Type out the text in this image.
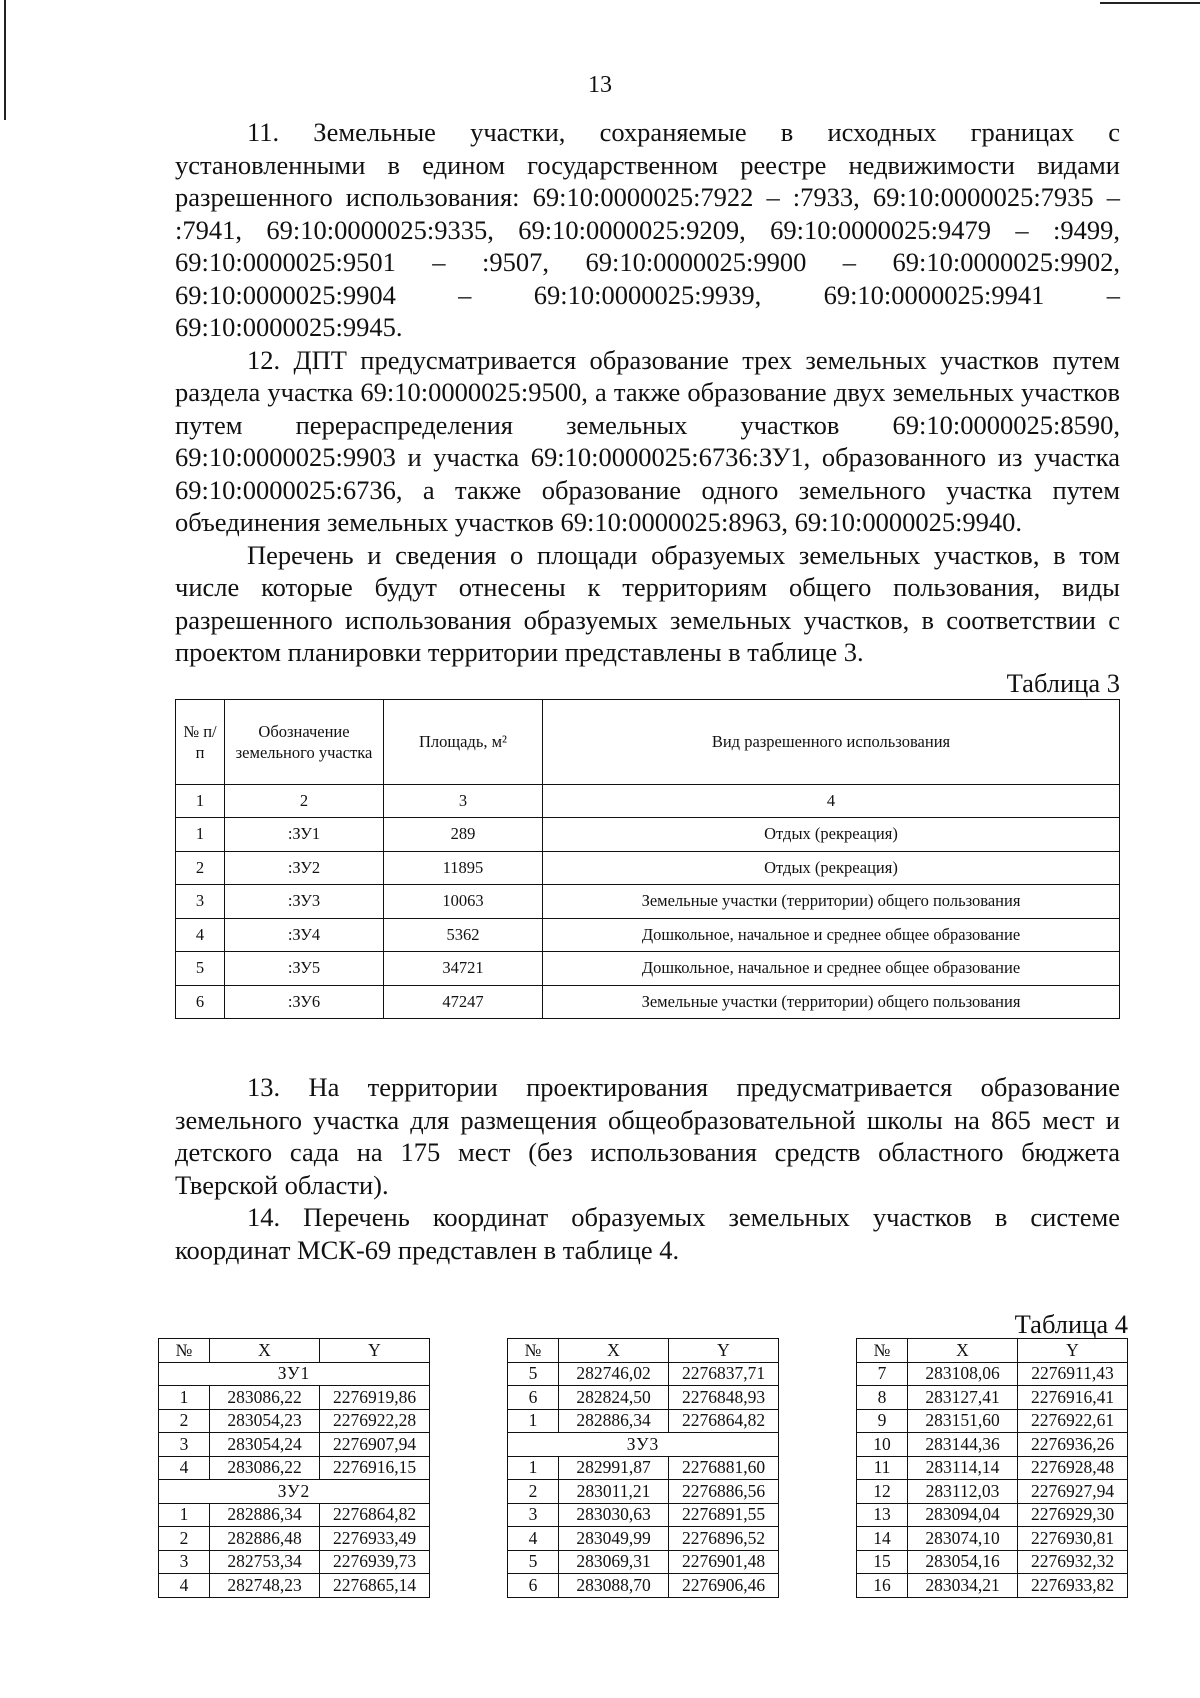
13

11. Земельные участки, сохраняемые в исходных границах с установленными в едином государственном реестре недвижимости видами разрешенного использования: 69:10:0000025:7922 – :7933, 69:10:0000025:7935 – :7941, 69:10:0000025:9335, 69:10:0000025:9209, 69:10:0000025:9479 – :9499, 69:10:0000025:9501 – :9507, 69:10:0000025:9900 – 69:10:0000025:9902, 69:10:0000025:9904 – 69:10:0000025:9939, 69:10:0000025:9941 – 69:10:0000025:9945.

12. ДПТ предусматривается образование трех земельных участков путем раздела участка 69:10:0000025:9500, а также образование двух земельных участков путем перераспределения земельных участков 69:10:0000025:8590, 69:10:0000025:9903 и участка 69:10:0000025:6736:ЗУ1, образованного из участка 69:10:0000025:6736, а также образование одного земельного участка путем объединения земельных участков 69:10:0000025:8963, 69:10:0000025:9940.

Перечень и сведения о площади образуемых земельных участков, в том числе которые будут отнесены к территориям общего пользования, виды разрешенного использования образуемых земельных участков, в соответствии с проектом планировки территории представлены в таблице 3.

Таблица 3
№ п/п	Обозначение земельного участка	Площадь, м²	Вид разрешенного использования
1	2	3	4
1	:ЗУ1	289	Отдых (рекреация)
2	:ЗУ2	11895	Отдых (рекреация)
3	:ЗУ3	10063	Земельные участки (территории) общего пользования
4	:ЗУ4	5362	Дошкольное, начальное и среднее общее образование
5	:ЗУ5	34721	Дошкольное, начальное и среднее общее образование
6	:ЗУ6	47247	Земельные участки (территории) общего пользования

13. На территории проектирования предусматривается образование земельного участка для размещения общеобразовательной школы на 865 мест и детского сада на 175 мест (без использования средств областного бюджета Тверской области).

14. Перечень координат образуемых земельных участков в системе координат МСК-69 представлен в таблице 4.

Таблица 4
№	X	Y
ЗУ1		
1	283086,22	2276919,86
2	283054,23	2276922,28
3	283054,24	2276907,94
4	283086,22	2276916,15
ЗУ2		
1	282886,34	2276864,82
2	282886,48	2276933,49
3	282753,34	2276939,73
4	282748,23	2276865,14
№	X	Y
5	282746,02	2276837,71
6	282824,50	2276848,93
1	282886,34	2276864,82
ЗУ3		
1	282991,87	2276881,60
2	283011,21	2276886,56
3	283030,63	2276891,55
4	283049,99	2276896,52
5	283069,31	2276901,48
6	283088,70	2276906,46
№	X	Y
7	283108,06	2276911,43
8	283127,41	2276916,41
9	283151,60	2276922,61
10	283144,36	2276936,26
11	283114,14	2276928,48
12	283112,03	2276927,94
13	283094,04	2276929,30
14	283074,10	2276930,81
15	283054,16	2276932,32
16	283034,21	2276933,82
